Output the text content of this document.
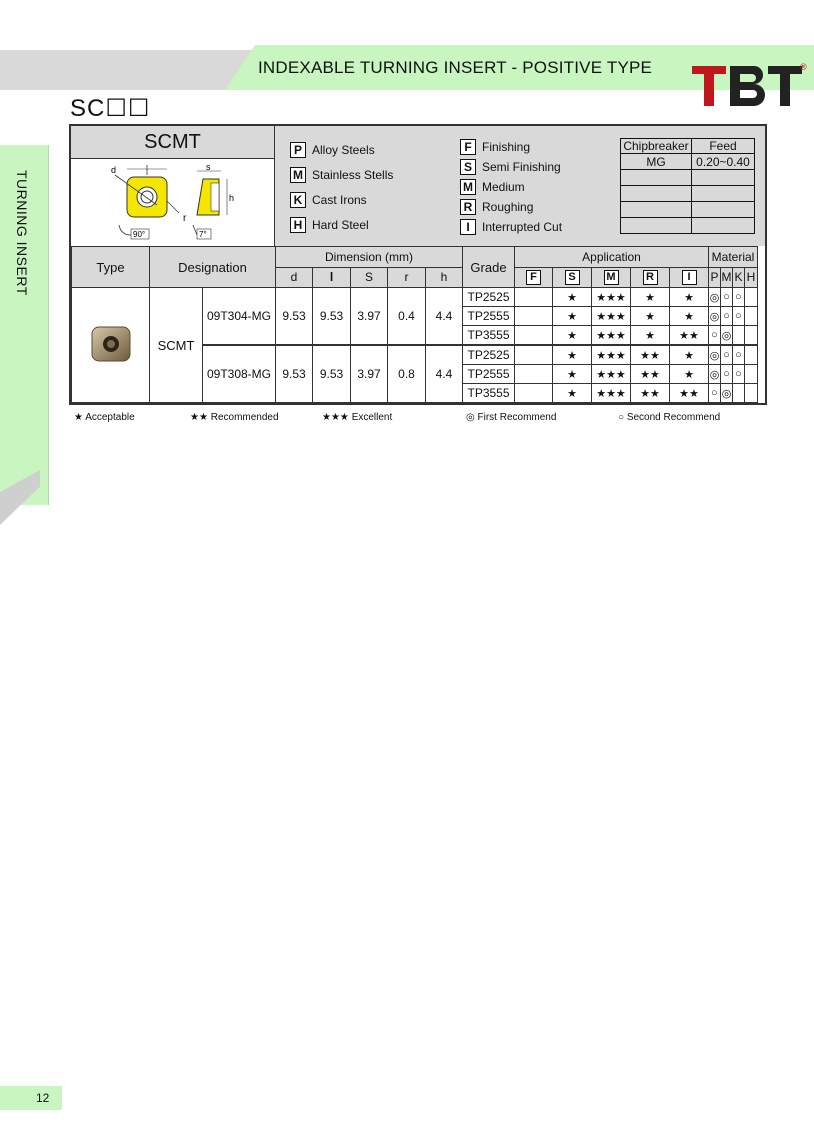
INDEXABLE TURNING INSERT - POSITIVE TYPE	®
SC☐☐
TURNING INSERT
SCMT
d
r
90°
s
h
7°
P Alloy Steels
M Stainless Stells
K Cast Irons
H Hard Steel
F Finishing
S Semi Finishing
M Medium
R Roughing
I Interrupted Cut
Chipbreaker	Feed
MG	0.20~0.40

Type	Designation		Dimension (mm)					Grade	Application					Material			
			d	l	S	r	h		F	S	M	R	I	P	M	K	H
	SCMT	09T304-MG	9.53	9.53	3.97	0.4	4.4	TP2525		★	★★★	★	★	◎	○	○	
								TP2555		★	★★★	★	★	◎	○	○	
								TP3555		★	★★★	★	★★	○	◎		
		09T308-MG	9.53	9.53	3.97	0.8	4.4	TP2525		★	★★★	★★	★	◎	○	○	
								TP2555		★	★★★	★★	★	◎	○	○	
								TP3555		★	★★★	★★	★★	○	◎		
★ Acceptable	★★ Recommended	★★★ Excellent	◎ First Recommend	○ Second Recommend
12
